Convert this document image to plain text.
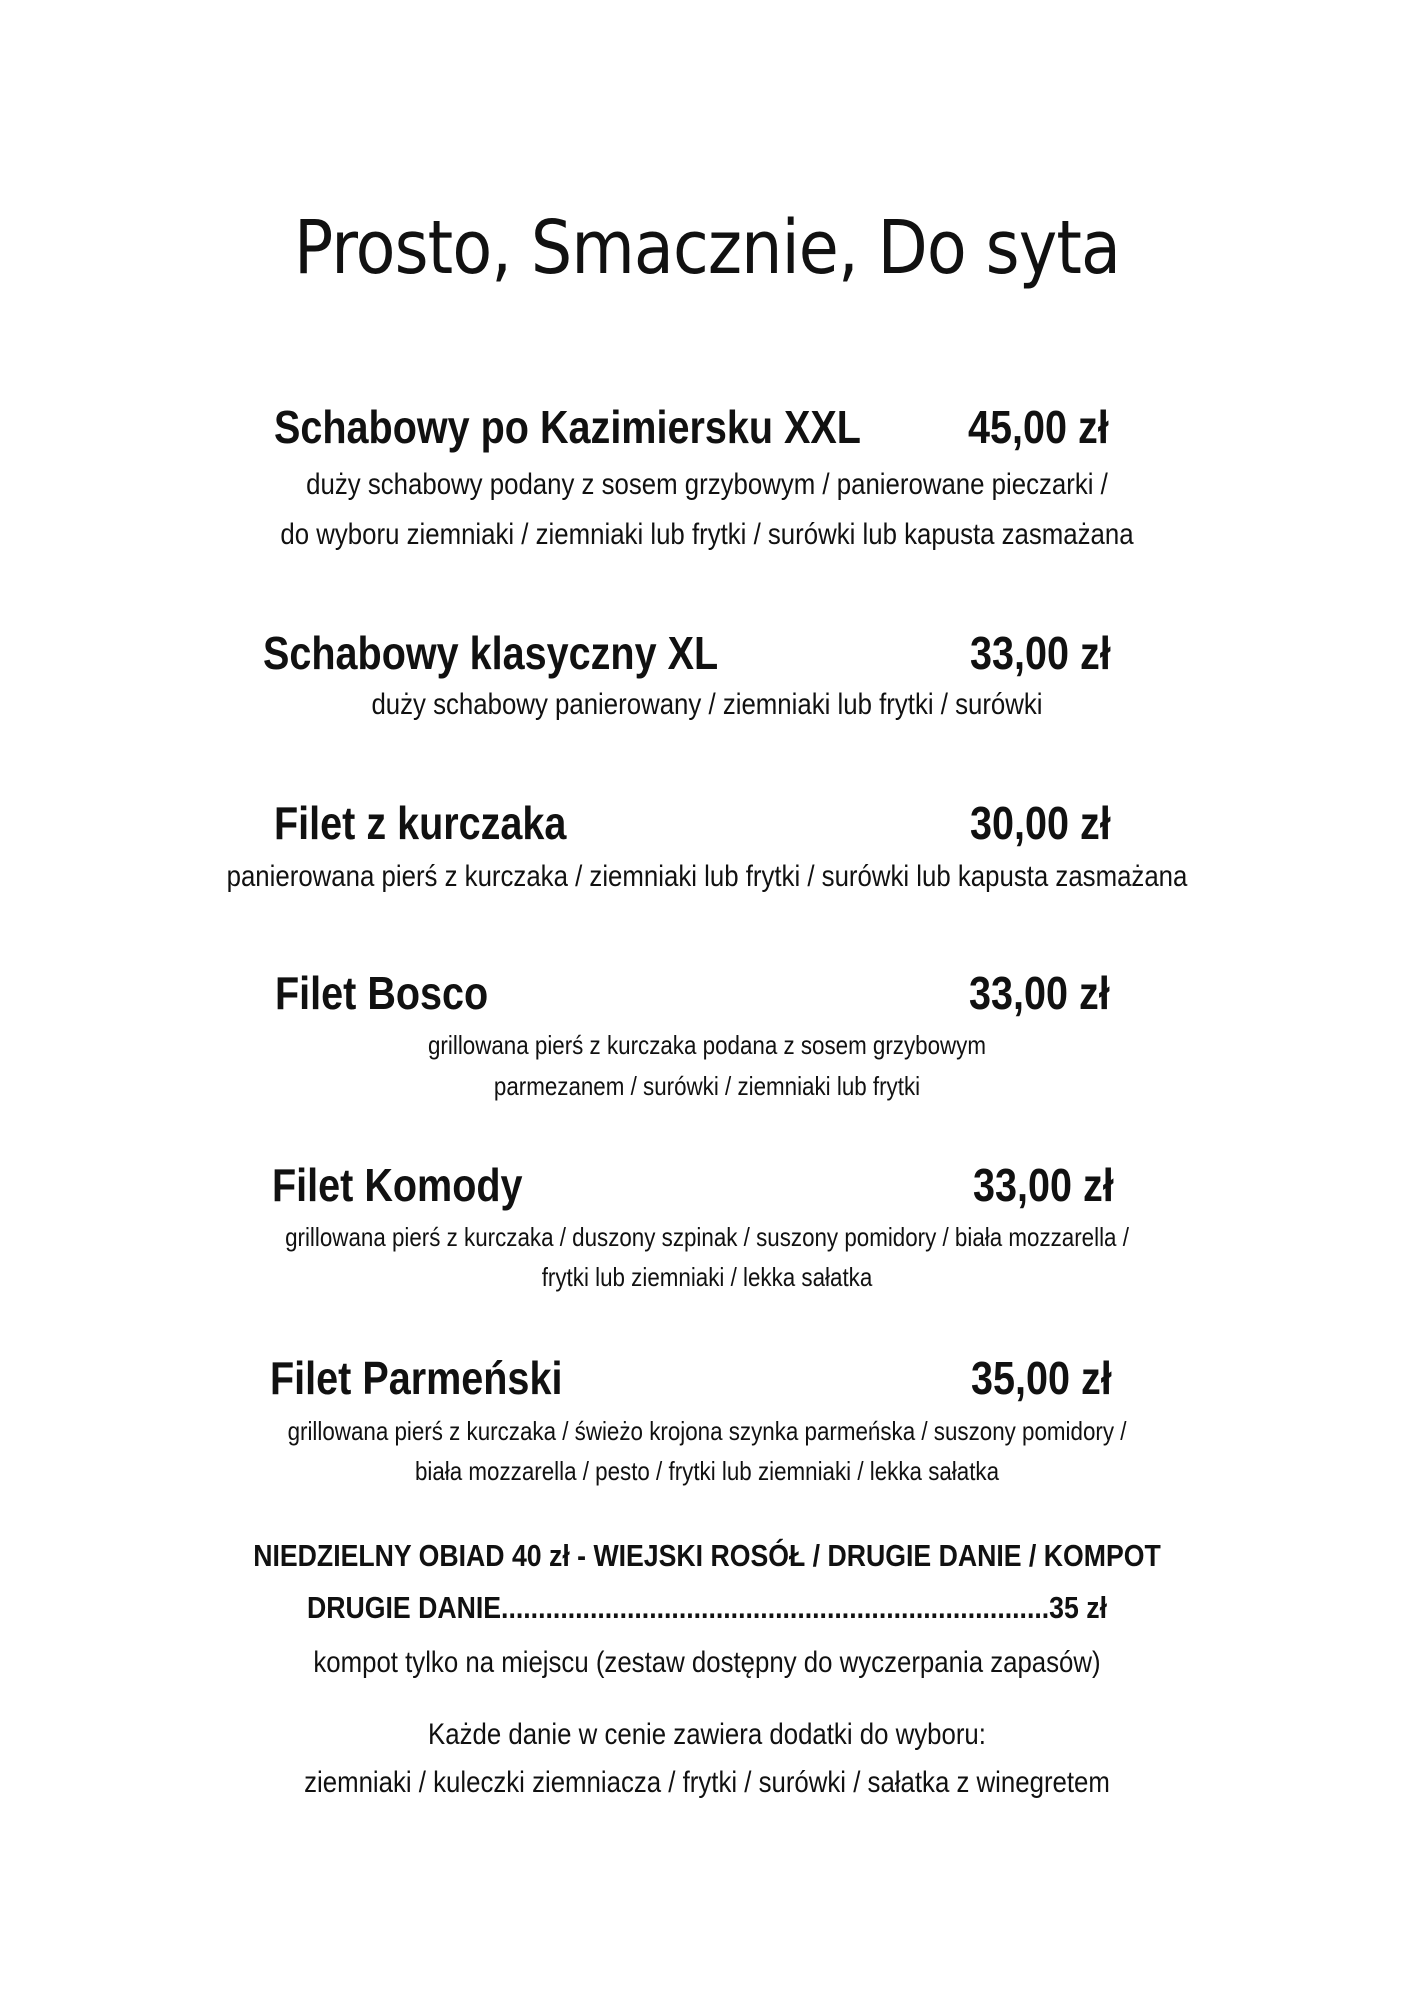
Prosto, Smacznie, Do syta
Schabowy po Kazimiersku XXL 45,00 zł
duży schabowy podany z sosem grzybowym / panierowane pieczarki /
do wyboru ziemniaki / ziemniaki lub frytki / surówki lub kapusta zasmażana
Schabowy klasyczny XL	33,00 zł
duży schabowy panierowany / ziemniaki lub frytki / surówki
Filet z kurczaka	30,00 zł
panierowana pierś z kurczaka / ziemniaki lub frytki / surówki lub kapusta zasmażana
Filet Bosco	33,00 zł
grillowana pierś z kurczaka podana z sosem grzybowym
parmezanem / surówki / ziemniaki lub frytki
Filet Komody	33,00 zł
grillowana pierś z kurczaka / duszony szpinak / suszony pomidory / biała mozzarella /
frytki lub ziemniaki / lekka sałatka
Filet Parmeński	35,00 zł
grillowana pierś z kurczaka / świeżo krojona szynka parmeńska / suszony pomidory /
biała mozzarella / pesto / frytki lub ziemniaki / lekka sałatka
NIEDZIELNY OBIAD 40 zł - WIEJSKI ROSÓŁ / DRUGIE DANIE / KOMPOT
DRUGIE DANIE..........................................................................35 zł
kompot tylko na miejscu (zestaw dostępny do wyczerpania zapasów)
Każde danie w cenie zawiera dodatki do wyboru:
ziemniaki / kuleczki ziemniacza / frytki / surówki / sałatka z winegretem
